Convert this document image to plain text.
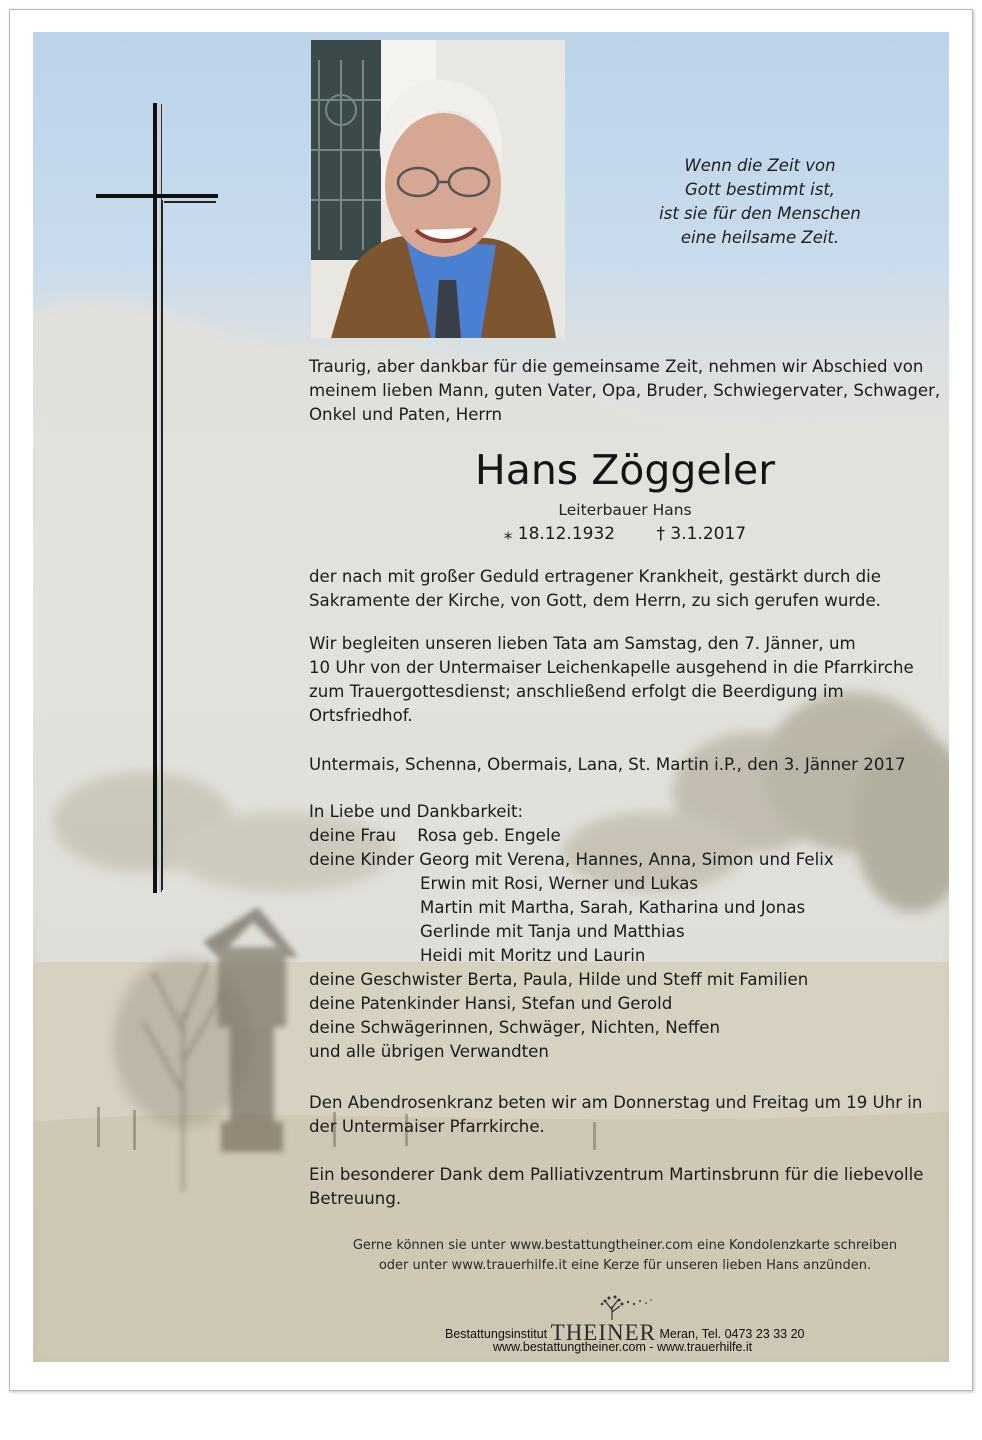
Wenn die Zeit von
Gott bestimmt ist,
ist sie für den Menschen
eine heilsame Zeit.
Traurig, aber dankbar für die gemeinsame Zeit, nehmen wir Abschied von
meinem lieben Mann, guten Vater, Opa, Bruder, Schwiegervater, Schwager,
Onkel und Paten, Herrn
Hans Zöggeler
Leiterbauer Hans
⁎ 18.12.1932 † 3.1.2017
der nach mit großer Geduld ertragener Krankheit, gestärkt durch die
Sakramente der Kirche, von Gott, dem Herrn, zu sich gerufen wurde.
Wir begleiten unseren lieben Tata am Samstag, den 7. Jänner, um
10 Uhr von der Untermaiser Leichenkapelle ausgehend in die Pfarrkirche
zum Trauergottesdienst; anschließend erfolgt die Beerdigung im
Ortsfriedhof.
Untermais, Schenna, Obermais, Lana, St. Martin i.P., den 3. Jänner 2017
In Liebe und Dankbarkeit:
deine Frau    Rosa geb. Engele
deine Kinder Georg mit Verena, Hannes, Anna, Simon und Felix
Erwin mit Rosi, Werner und Lukas
Martin mit Martha, Sarah, Katharina und Jonas
Gerlinde mit Tanja und Matthias
Heidi mit Moritz und Laurin
deine Geschwister Berta, Paula, Hilde und Steff mit Familien
deine Patenkinder Hansi, Stefan und Gerold
deine Schwägerinnen, Schwäger, Nichten, Neffen
und alle übrigen Verwandten
Den Abendrosenkranz beten wir am Donnerstag und Freitag um 19 Uhr in
der Untermaiser Pfarrkirche.
Ein besonderer Dank dem Palliativzentrum Martinsbrunn für die liebevolle
Betreuung.
Gerne können sie unter www.bestattungtheiner.com eine Kondolenzkarte schreiben
oder unter www.trauerhilfe.it eine Kerze für unseren lieben Hans anzünden.
Bestattungsinstitut THEINER Meran, Tel. 0473 23 33 20
www.bestattungtheiner.com - www.trauerhilfe.it
